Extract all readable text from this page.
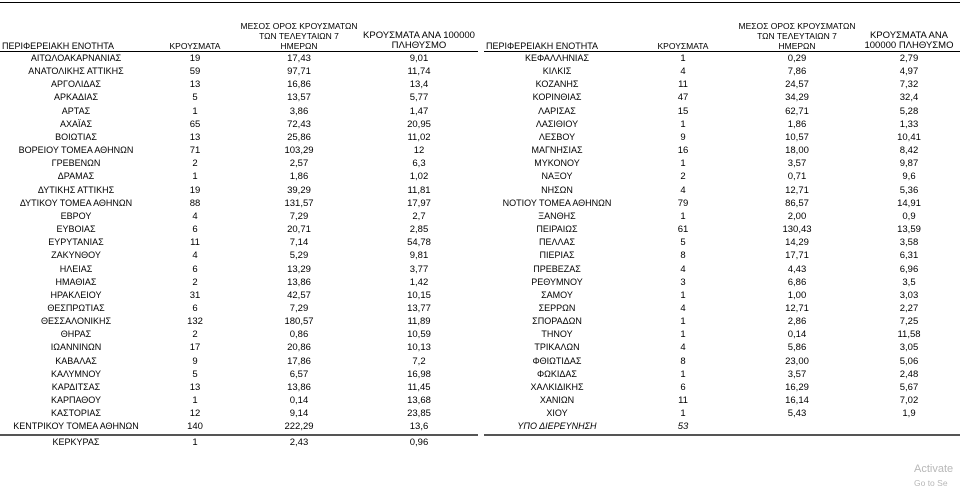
ΠΕΡΙΦΕΡΕΙΑΚΗ ΕΝΟΤΗΤΑ	ΚΡΟΥΣΜΑΤΑ	ΜΕΣΟΣ ΟΡΟΣ ΚΡΟΥΣΜΑΤΩΝ ΤΩΝ ΤΕΛΕΥΤΑΙΩΝ 7 ΗΜΕΡΩΝ	ΚΡΟΥΣΜΑΤΑ ΑΝΑ 100000 ΠΛΗΘΥΣΜΟ
ΑΙΤΩΛΟΑΚΑΡΝΑΝΙΑΣ	19	17,43	9,01
ΑΝΑΤΟΛΙΚΗΣ ΑΤΤΙΚΗΣ	59	97,71	11,74
ΑΡΓΟΛΙΔΑΣ	13	16,86	13,4
ΑΡΚΑΔΙΑΣ	5	13,57	5,77
ΑΡΤΑΣ	1	3,86	1,47
ΑΧΑΪΑΣ	65	72,43	20,95
ΒΟΙΩΤΙΑΣ	13	25,86	11,02
ΒΟΡΕΙΟΥ ΤΟΜΕΑ ΑΘΗΝΩΝ	71	103,29	12
ΓΡΕΒΕΝΩΝ	2	2,57	6,3
ΔΡΑΜΑΣ	1	1,86	1,02
ΔΥΤΙΚΗΣ ΑΤΤΙΚΗΣ	19	39,29	11,81
ΔΥΤΙΚΟΥ ΤΟΜΕΑ ΑΘΗΝΩΝ	88	131,57	17,97
ΕΒΡΟΥ	4	7,29	2,7
ΕΥΒΟΙΑΣ	6	20,71	2,85
ΕΥΡΥΤΑΝΙΑΣ	11	7,14	54,78
ΖΑΚΥΝΘΟΥ	4	5,29	9,81
ΗΛΕΙΑΣ	6	13,29	3,77
ΗΜΑΘΙΑΣ	2	13,86	1,42
ΗΡΑΚΛΕΙΟΥ	31	42,57	10,15
ΘΕΣΠΡΩΤΙΑΣ	6	7,29	13,77
ΘΕΣΣΑΛΟΝΙΚΗΣ	132	180,57	11,89
ΘΗΡΑΣ	2	0,86	10,59
ΙΩΑΝΝΙΝΩΝ	17	20,86	10,13
ΚΑΒΑΛΑΣ	9	17,86	7,2
ΚΑΛΥΜΝΟΥ	5	6,57	16,98
ΚΑΡΔΙΤΣΑΣ	13	13,86	11,45
ΚΑΡΠΑΘΟΥ	1	0,14	13,68
ΚΑΣΤΟΡΙΑΣ	12	9,14	23,85
ΚΕΝΤΡΙΚΟΥ ΤΟΜΕΑ ΑΘΗΝΩΝ	140	222,29	13,6
ΚΕΡΚΥΡΑΣ	1	2,43	0,96
ΠΕΡΙΦΕΡΕΙΑΚΗ ΕΝΟΤΗΤΑ	ΚΡΟΥΣΜΑΤΑ	ΜΕΣΟΣ ΟΡΟΣ ΚΡΟΥΣΜΑΤΩΝ ΤΩΝ ΤΕΛΕΥΤΑΙΩΝ 7 ΗΜΕΡΩΝ	ΚΡΟΥΣΜΑΤΑ ΑΝΑ 100000 ΠΛΗΘΥΣΜΟ
ΚΕΦΑΛΛΗΝΙΑΣ	1	0,29	2,79
ΚΙΛΚΙΣ	4	7,86	4,97
ΚΟΖΑΝΗΣ	11	24,57	7,32
ΚΟΡΙΝΘΙΑΣ	47	34,29	32,4
ΛΑΡΙΣΑΣ	15	62,71	5,28
ΛΑΣΙΘΙΟΥ	1	1,86	1,33
ΛΕΣΒΟΥ	9	10,57	10,41
ΜΑΓΝΗΣΙΑΣ	16	18,00	8,42
ΜΥΚΟΝΟΥ	1	3,57	9,87
ΝΑΞΟΥ	2	0,71	9,6
ΝΗΣΩΝ	4	12,71	5,36
ΝΟΤΙΟΥ ΤΟΜΕΑ ΑΘΗΝΩΝ	79	86,57	14,91
ΞΑΝΘΗΣ	1	2,00	0,9
ΠΕΙΡΑΙΩΣ	61	130,43	13,59
ΠΕΛΛΑΣ	5	14,29	3,58
ΠΙΕΡΙΑΣ	8	17,71	6,31
ΠΡΕΒΕΖΑΣ	4	4,43	6,96
ΡΕΘΥΜΝΟΥ	3	6,86	3,5
ΣΑΜΟΥ	1	1,00	3,03
ΣΕΡΡΩΝ	4	12,71	2,27
ΣΠΟΡΑΔΩΝ	1	2,86	7,25
ΤΗΝΟΥ	1	0,14	11,58
ΤΡΙΚΑΛΩΝ	4	5,86	3,05
ΦΘΙΩΤΙΔΑΣ	8	23,00	5,06
ΦΩΚΙΔΑΣ	1	3,57	2,48
ΧΑΛΚΙΔΙΚΗΣ	6	16,29	5,67
ΧΑΝΙΩΝ	11	16,14	7,02
ΧΙΟΥ	1	5,43	1,9
ΥΠΟ ΔΙΕΡΕΥΝΗΣΗ	53		
Activate
Go to Se
